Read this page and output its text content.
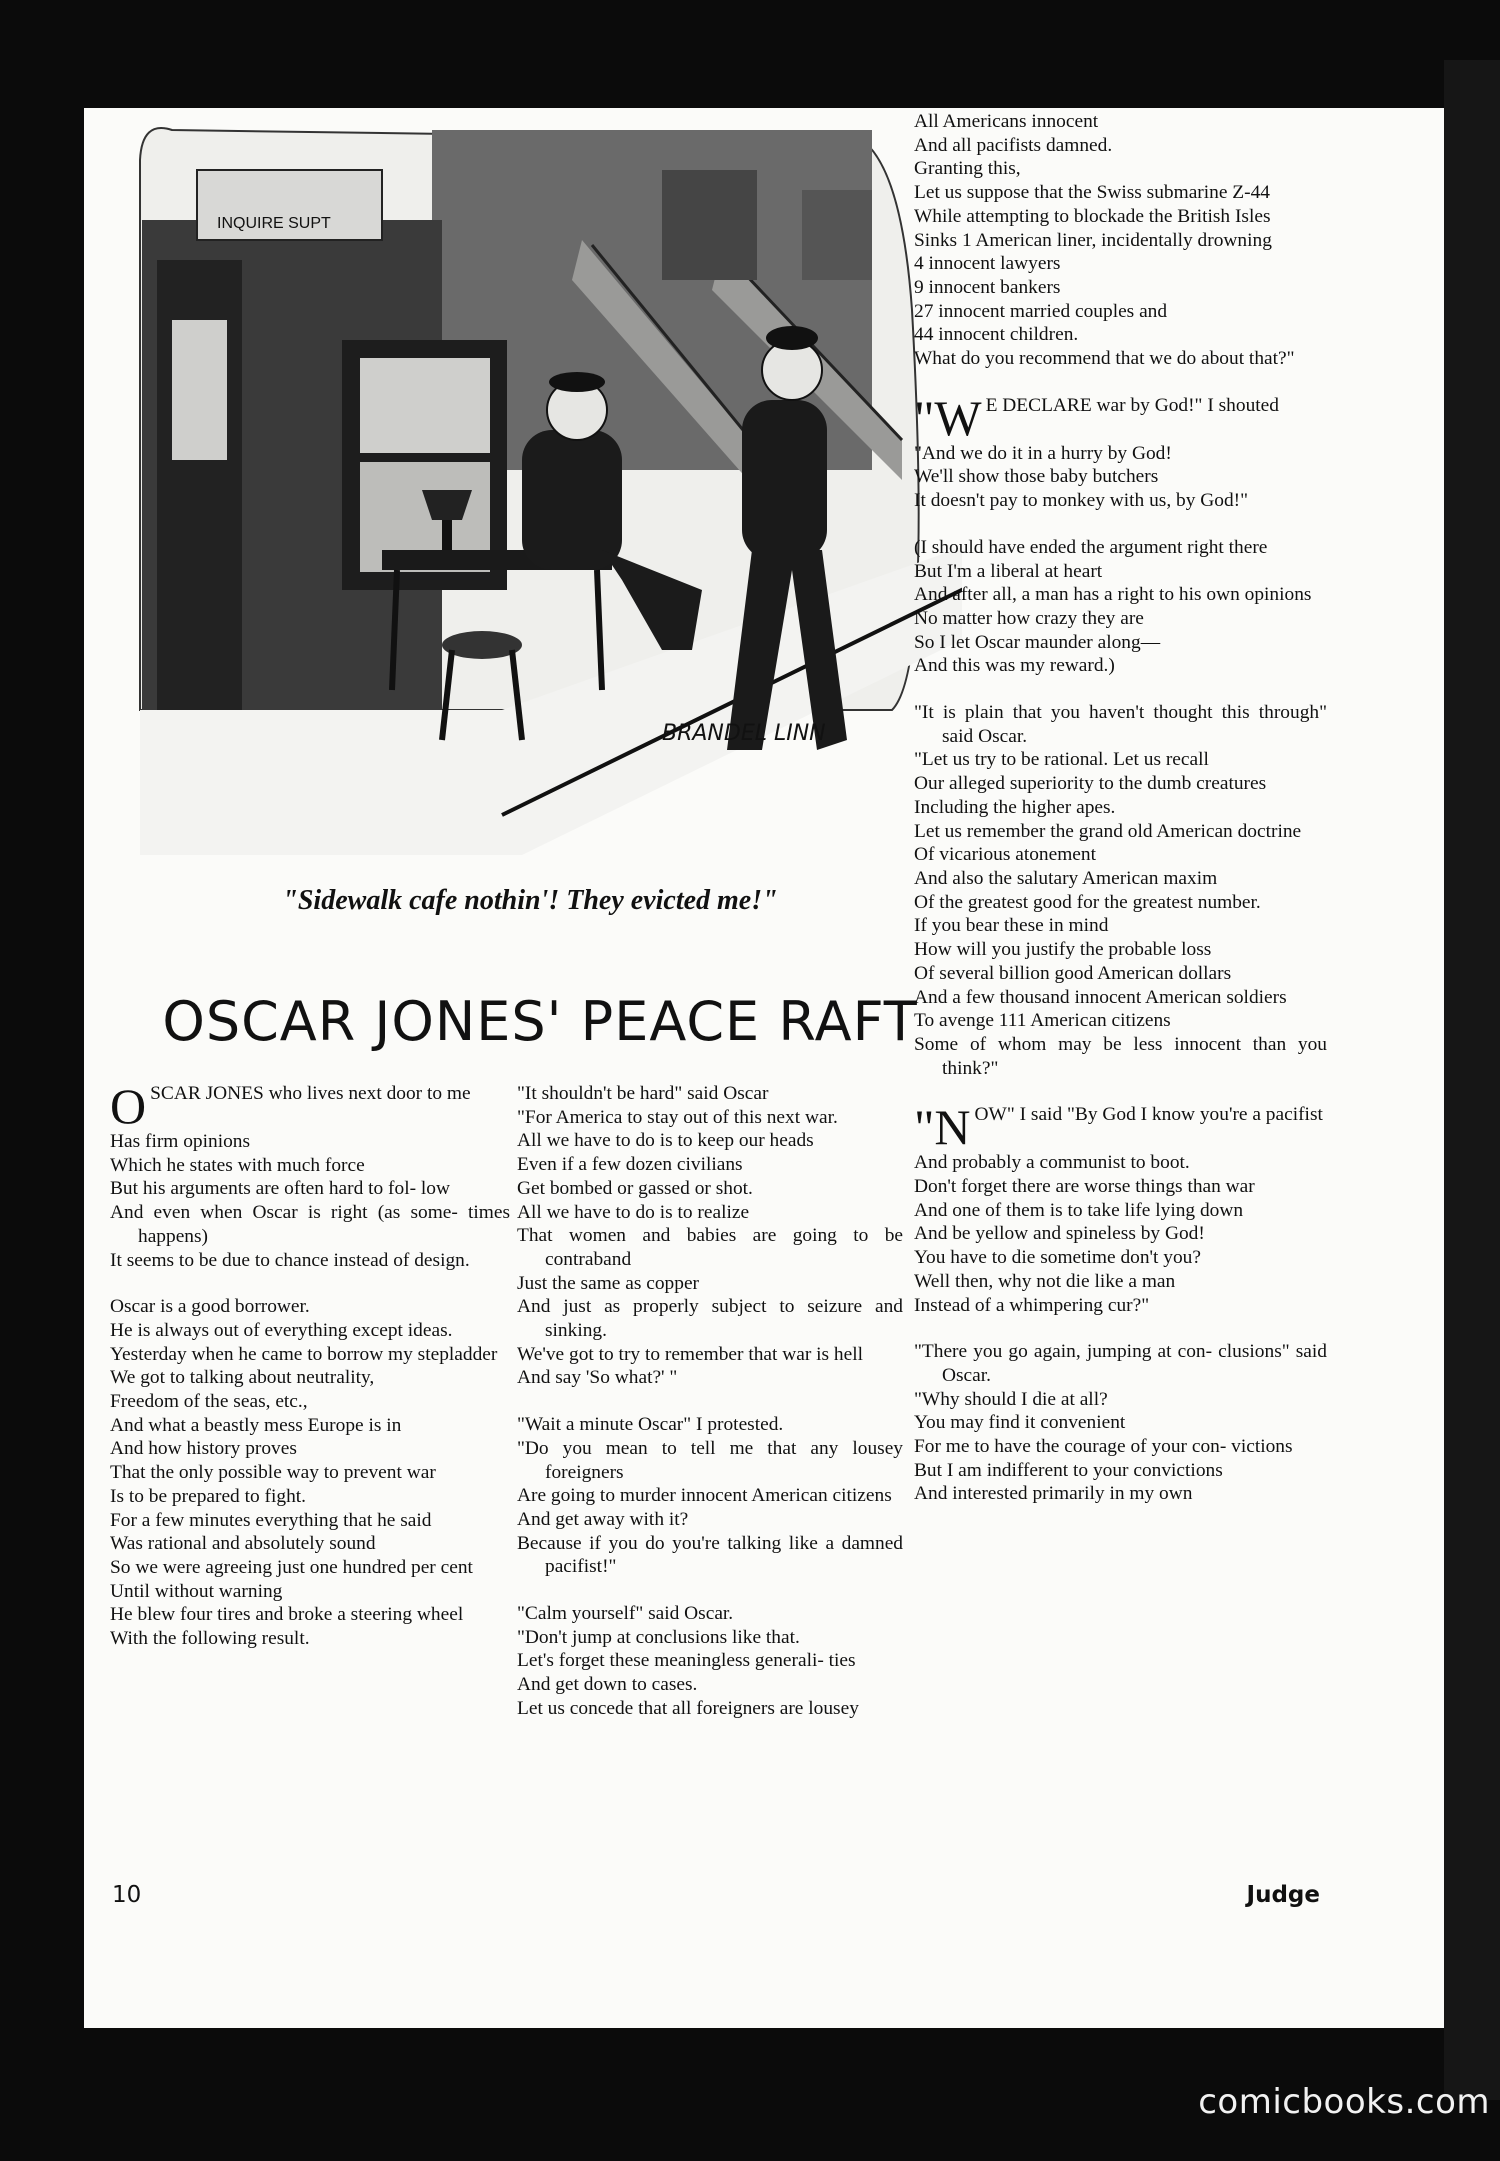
INQUIRE SUPT
BRANDEL LINN
"Sidewalk cafe nothin'! They evicted me!"
OSCAR JONES' PEACE RAFT
OSCAR JONES who lives next door to me
Has firm opinions
Which he states with much force
But his arguments are often hard to fol- low
And even when Oscar is right (as some- times happens)
It seems to be due to chance instead of design.
Oscar is a good borrower.
He is always out of everything except ideas.
Yesterday when he came to borrow my stepladder
We got to talking about neutrality,
Freedom of the seas, etc.,
And what a beastly mess Europe is in
And how history proves
That the only possible way to prevent war
Is to be prepared to fight.
For a few minutes everything that he said
Was rational and absolutely sound
So we were agreeing just one hundred per cent
Until without warning
He blew four tires and broke a steering wheel
With the following result.
"It shouldn't be hard" said Oscar
"For America to stay out of this next war.
All we have to do is to keep our heads
Even if a few dozen civilians
Get bombed or gassed or shot.
All we have to do is to realize
That women and babies are going to be contraband
Just the same as copper
And just as properly subject to seizure and sinking.
We've got to try to remember that war is hell
And say 'So what?' "
"Wait a minute Oscar" I protested.
"Do you mean to tell me that any lousey foreigners
Are going to murder innocent American citizens
And get away with it?
Because if you do you're talking like a damned pacifist!"
"Calm yourself" said Oscar.
"Don't jump at conclusions like that.
Let's forget these meaningless generali- ties
And get down to cases.
Let us concede that all foreigners are lousey
All Americans innocent
And all pacifists damned.
Granting this,
Let us suppose that the Swiss submarine Z-44
While attempting to blockade the British Isles
Sinks 1 American liner, incidentally drowning
4 innocent lawyers
9 innocent bankers
27 innocent married couples and
44 innocent children.
What do you recommend that we do about that?"
"W E DECLARE war by God!" I shouted
"And we do it in a hurry by God!
We'll show those baby butchers
It doesn't pay to monkey with us, by God!"
(I should have ended the argument right there
But I'm a liberal at heart
And after all, a man has a right to his own opinions
No matter how crazy they are
So I let Oscar maunder along—
And this was my reward.)
"It is plain that you haven't thought this through" said Oscar.
"Let us try to be rational. Let us recall
Our alleged superiority to the dumb creatures
Including the higher apes.
Let us remember the grand old American doctrine
Of vicarious atonement
And also the salutary American maxim
Of the greatest good for the greatest number.
If you bear these in mind
How will you justify the probable loss
Of several billion good American dollars
And a few thousand innocent American soldiers
To avenge 111 American citizens
Some of whom may be less innocent than you think?"
"NOW" I said "By God I know you're a pacifist
And probably a communist to boot.
Don't forget there are worse things than war
And one of them is to take life lying down
And be yellow and spineless by God!
You have to die sometime don't you?
Well then, why not die like a man
Instead of a whimpering cur?"
"There you go again, jumping at con- clusions" said Oscar.
"Why should I die at all?
You may find it convenient
For me to have the courage of your con- victions
But I am indifferent to your convictions
And interested primarily in my own
10	Judge
comicbooks.com
